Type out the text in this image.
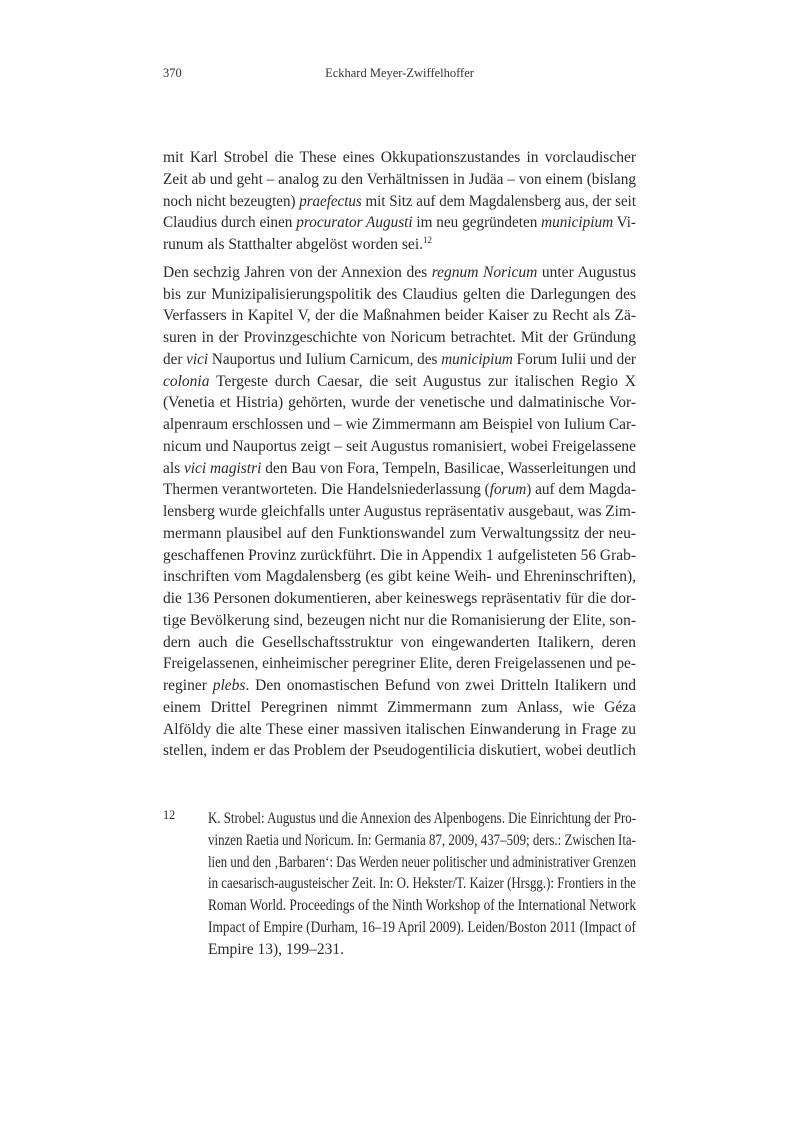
370	Eckhard Meyer-Zwiffelhoffer
mit Karl Strobel die These eines Okkupationszustandes in vorclaudischer
Zeit ab und geht – analog zu den Verhältnissen in Judäa – von einem (bislang
noch nicht bezeugten) praefectus mit Sitz auf dem Magdalensberg aus, der seit
Claudius durch einen procurator Augusti im neu gegründeten municipium Vi-
runum als Statthalter abgelöst worden sei.$^{12}$
Den sechzig Jahren von der Annexion des regnum Noricum unter Augustus
bis zur Munizipalisierungspolitik des Claudius gelten die Darlegungen des
Verfassers in Kapitel V, der die Maßnahmen beider Kaiser zu Recht als Zä-
suren in der Provinzgeschichte von Noricum betrachtet. Mit der Gründung
der vici Nauportus und Iulium Carnicum, des municipium Forum Iulii und der
colonia Tergeste durch Caesar, die seit Augustus zur italischen Regio X
(Venetia et Histria) gehörten, wurde der venetische und dalmatinische Vor-
alpenraum erschlossen und – wie Zimmermann am Beispiel von Iulium Car-
nicum und Nauportus zeigt – seit Augustus romanisiert, wobei Freigelassene
als vici magistri den Bau von Fora, Tempeln, Basilicae, Wasserleitungen und
Thermen verantworteten. Die Handelsniederlassung (forum) auf dem Magda-
lensberg wurde gleichfalls unter Augustus repräsentativ ausgebaut, was Zim-
mermann plausibel auf den Funktionswandel zum Verwaltungssitz der neu-
geschaffenen Provinz zurückführt. Die in Appendix 1 aufgelisteten 56 Grab-
inschriften vom Magdalensberg (es gibt keine Weih- und Ehreninschriften),
die 136 Personen dokumentieren, aber keineswegs repräsentativ für die dor-
tige Bevölkerung sind, bezeugen nicht nur die Romanisierung der Elite, son-
dern auch die Gesellschaftsstruktur von eingewanderten Italikern, deren
Freigelassenen, einheimischer peregriner Elite, deren Freigelassenen und pe-
reginer plebs. Den onomastischen Befund von zwei Dritteln Italikern und
einem Drittel Peregrinen nimmt Zimmermann zum Anlass, wie Géza
Alföldy die alte These einer massiven italischen Einwanderung in Frage zu
stellen, indem er das Problem der Pseudogentilicia diskutiert, wobei deutlich
12 K. Strobel: Augustus und die Annexion des Alpenbogens. Die Einrichtung der Pro-
vinzen Raetia und Noricum. In: Germania 87, 2009, 437–509; ders.: Zwischen Ita-
lien und den ‚Barbaren‘: Das Werden neuer politischer und administrativer Grenzen
in caesarisch-augusteischer Zeit. In: O. Hekster/T. Kaizer (Hrsgg.): Frontiers in the
Roman World. Proceedings of the Ninth Workshop of the International Network
Impact of Empire (Durham, 16–19 April 2009). Leiden/Boston 2011 (Impact of
Empire 13), 199–231.
